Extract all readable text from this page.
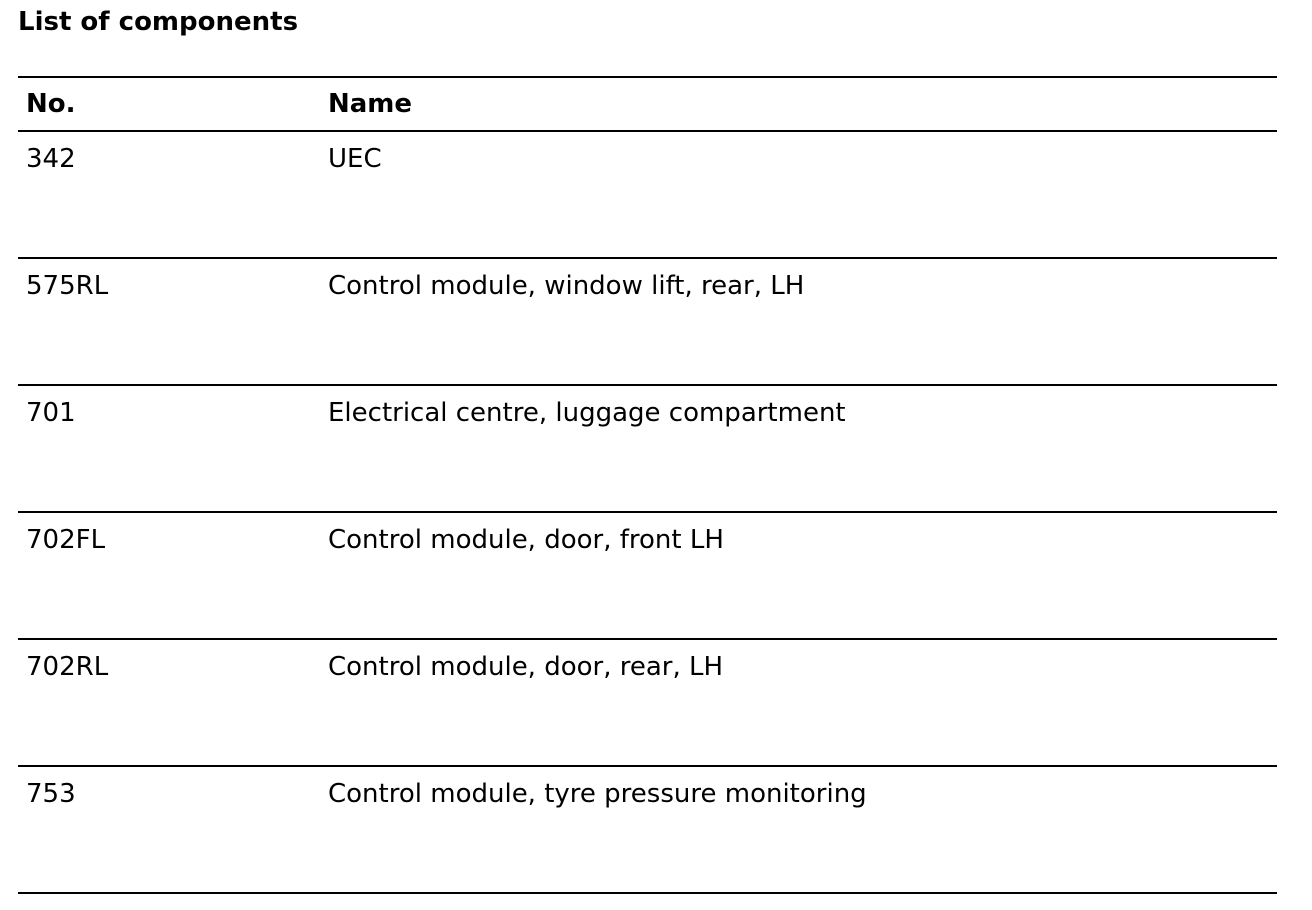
List of components
No.	Name
342	UEC
575RL	Control module, window lift, rear, LH
701	Electrical centre, luggage compartment
702FL	Control module, door, front LH
702RL	Control module, door, rear, LH
753	Control module, tyre pressure monitoring
